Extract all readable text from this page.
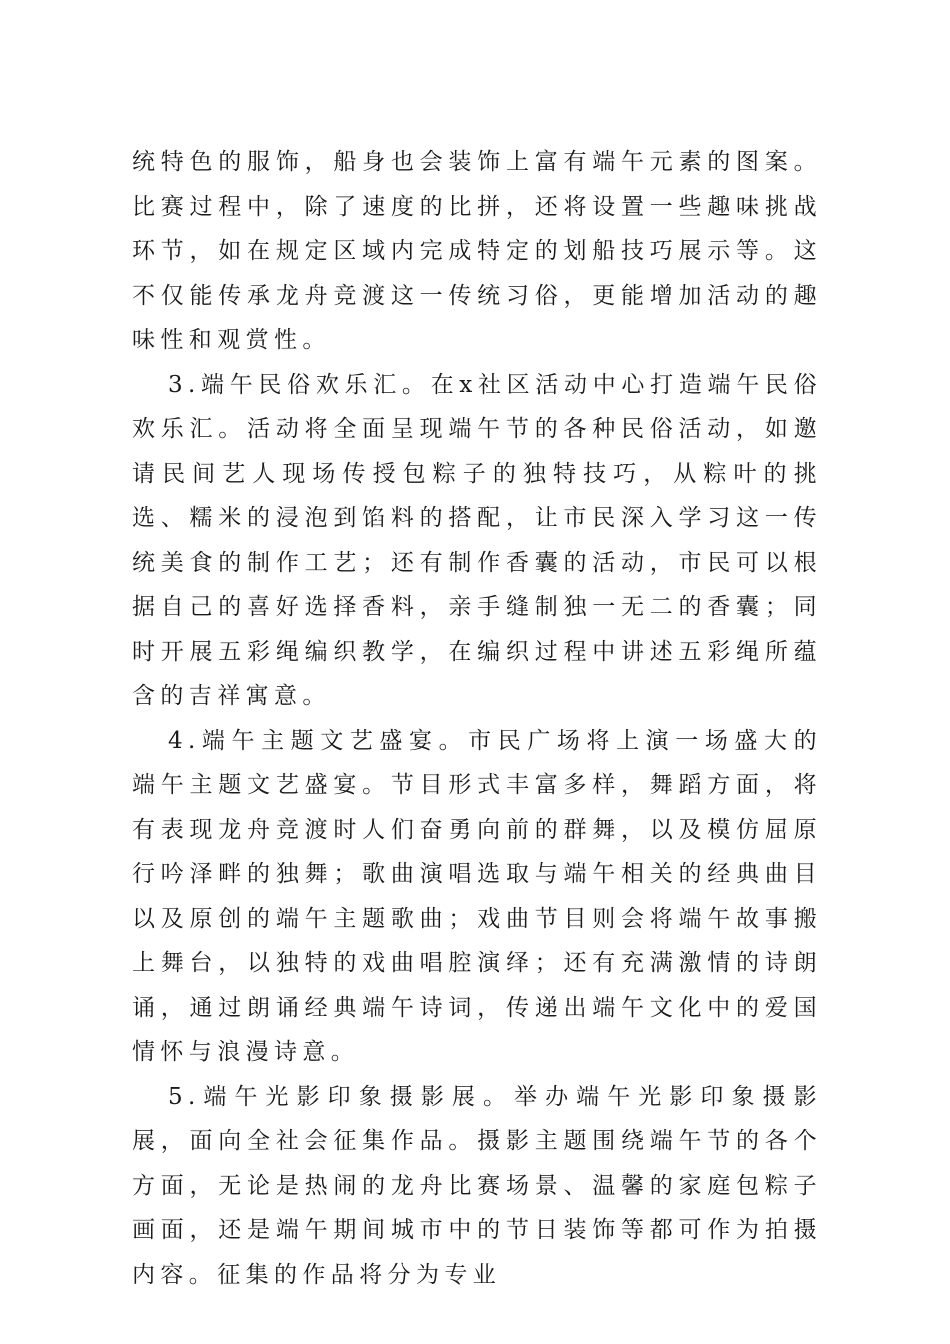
统特色的服饰，船身也会装饰上富有端午元素的图案。比赛过程中，除了速度的比拼，还将设置一些趣味挑战环节，如在规定区域内完成特定的划船技巧展示等。这不仅能传承龙舟竞渡这一传统习俗，更能增加活动的趣味性和观赏性。

3.端午民俗欢乐汇。在x社区活动中心打造端午民俗欢乐汇。活动将全面呈现端午节的各种民俗活动，如邀请民间艺人现场传授包粽子的独特技巧，从粽叶的挑选、糯米的浸泡到馅料的搭配，让市民深入学习这一传统美食的制作工艺；还有制作香囊的活动，市民可以根据自己的喜好选择香料，亲手缝制独一无二的香囊；同时开展五彩绳编织教学，在编织过程中讲述五彩绳所蕴含的吉祥寓意。

4.端午主题文艺盛宴。市民广场将上演一场盛大的端午主题文艺盛宴。节目形式丰富多样，舞蹈方面，将有表现龙舟竞渡时人们奋勇向前的群舞，以及模仿屈原行吟泽畔的独舞；歌曲演唱选取与端午相关的经典曲目以及原创的端午主题歌曲；戏曲节目则会将端午故事搬上舞台，以独特的戏曲唱腔演绎；还有充满激情的诗朗诵，通过朗诵经典端午诗词，传递出端午文化中的爱国情怀与浪漫诗意。

5.端午光影印象摄影展。举办端午光影印象摄影展，面向全社会征集作品。摄影主题围绕端午节的各个方面，无论是热闹的龙舟比赛场景、温馨的家庭包粽子画面，还是端午期间城市中的节日装饰等都可作为拍摄内容。征集的作品将分为专业
